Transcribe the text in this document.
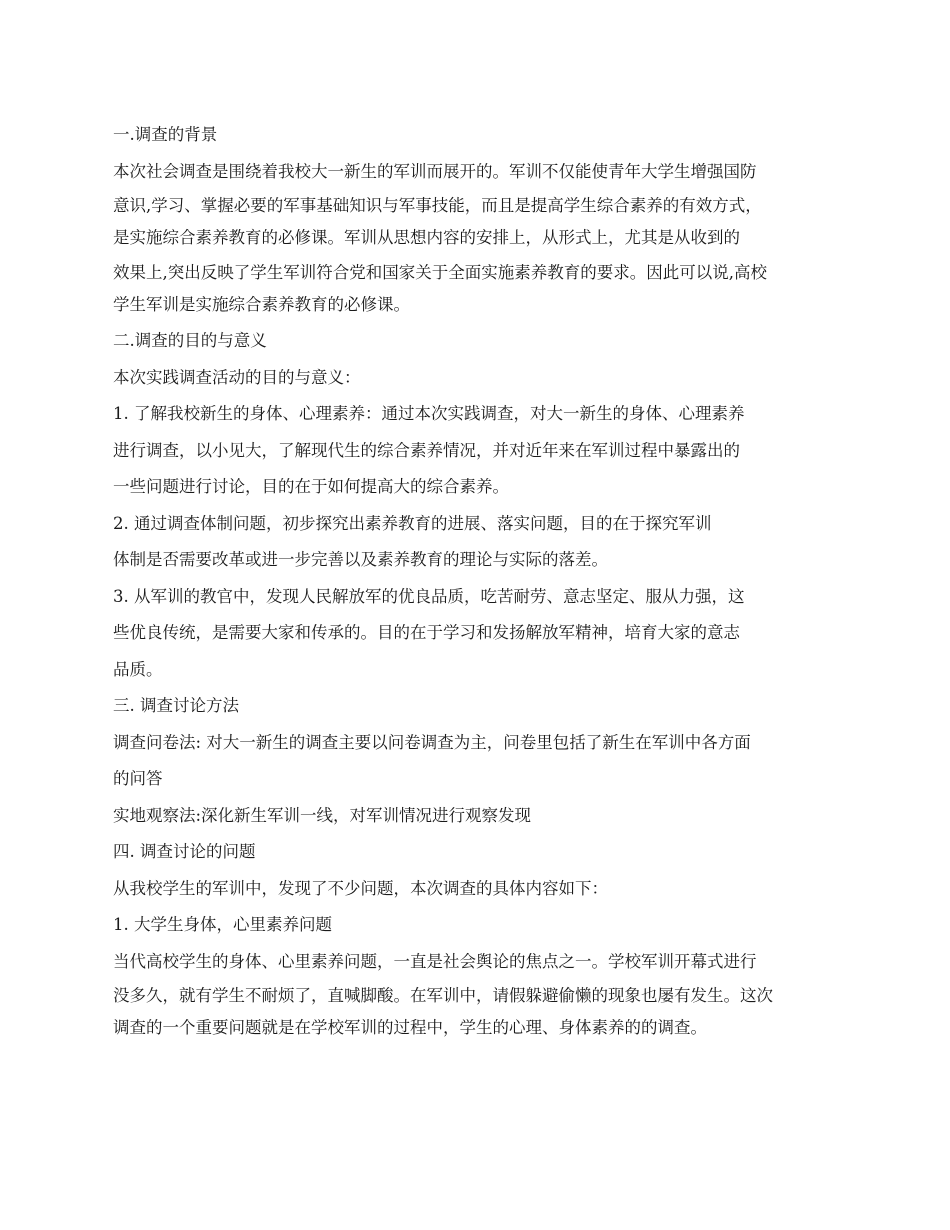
一.调查的背景

本次社会调查是围绕着我校大一新生的军训而展开的。军训不仅能使青年大学生增强国防

意识,学习、掌握必要的军事基础知识与军事技能，而且是提高学生综合素养的有效方式，

是实施综合素养教育的必修课。军训从思想内容的安排上，从形式上，尤其是从收到的

效果上,突出反映了学生军训符合党和国家关于全面实施素养教育的要求。因此可以说,高校

学生军训是实施综合素养教育的必修课。

二.调查的目的与意义

本次实践调查活动的目的与意义：

1. 了解我校新生的身体、心理素养：通过本次实践调查，对大一新生的身体、心理素养

进行调查，以小见大，了解现代生的综合素养情况，并对近年来在军训过程中暴露出的

一些问题进行讨论，目的在于如何提高大的综合素养。

2. 通过调查体制问题，初步探究出素养教育的进展、落实问题，目的在于探究军训

体制是否需要改革或进一步完善以及素养教育的理论与实际的落差。

3. 从军训的教官中，发现人民解放军的优良品质，吃苦耐劳、意志坚定、服从力强，这

些优良传统，是需要大家和传承的。目的在于学习和发扬解放军精神，培育大家的意志

品质。

三. 调查讨论方法

调查问卷法: 对大一新生的调查主要以问卷调查为主，问卷里包括了新生在军训中各方面

的问答

实地观察法:深化新生军训一线，对军训情况进行观察发现

四. 调查讨论的问题

从我校学生的军训中，发现了不少问题，本次调查的具体内容如下：

1. 大学生身体，心里素养问题

当代高校学生的身体、心里素养问题，一直是社会舆论的焦点之一。学校军训开幕式进行

没多久，就有学生不耐烦了，直喊脚酸。在军训中，请假躲避偷懒的现象也屡有发生。这次

调查的一个重要问题就是在学校军训的过程中，学生的心理、身体素养的的调查。
